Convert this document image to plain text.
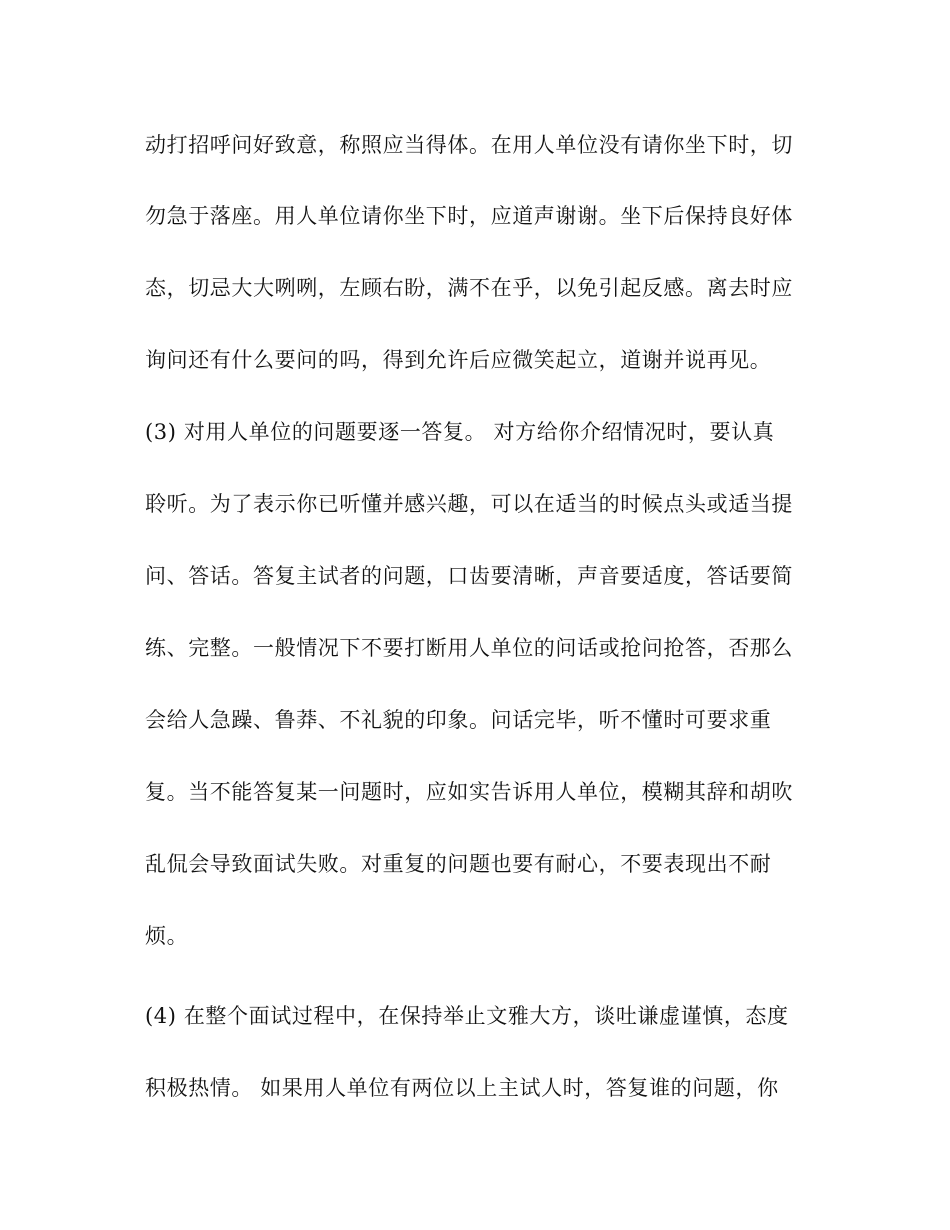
动打招呼问好致意，称照应当得体。在用人单位没有请你坐下时，切
勿急于落座。用人单位请你坐下时，应道声谢谢。坐下后保持良好体
态，切忌大大咧咧，左顾右盼，满不在乎，以免引起反感。离去时应
询问还有什么要问的吗，得到允许后应微笑起立，道谢并说再见。
(3) 对用人单位的问题要逐一答复。 对方给你介绍情况时，要认真
聆听。为了表示你已听懂并感兴趣，可以在适当的时候点头或适当提
问、答话。答复主试者的问题，口齿要清晰，声音要适度，答话要简
练、完整。一般情况下不要打断用人单位的问话或抢问抢答，否那么
会给人急躁、鲁莽、不礼貌的印象。问话完毕，听不懂时可要求重
复。当不能答复某一问题时，应如实告诉用人单位，模糊其辞和胡吹
乱侃会导致面试失败。对重复的问题也要有耐心，不要表现出不耐
烦。
(4) 在整个面试过程中，在保持举止文雅大方，谈吐谦虚谨慎，态度
积极热情。 如果用人单位有两位以上主试人时，答复谁的问题，你
